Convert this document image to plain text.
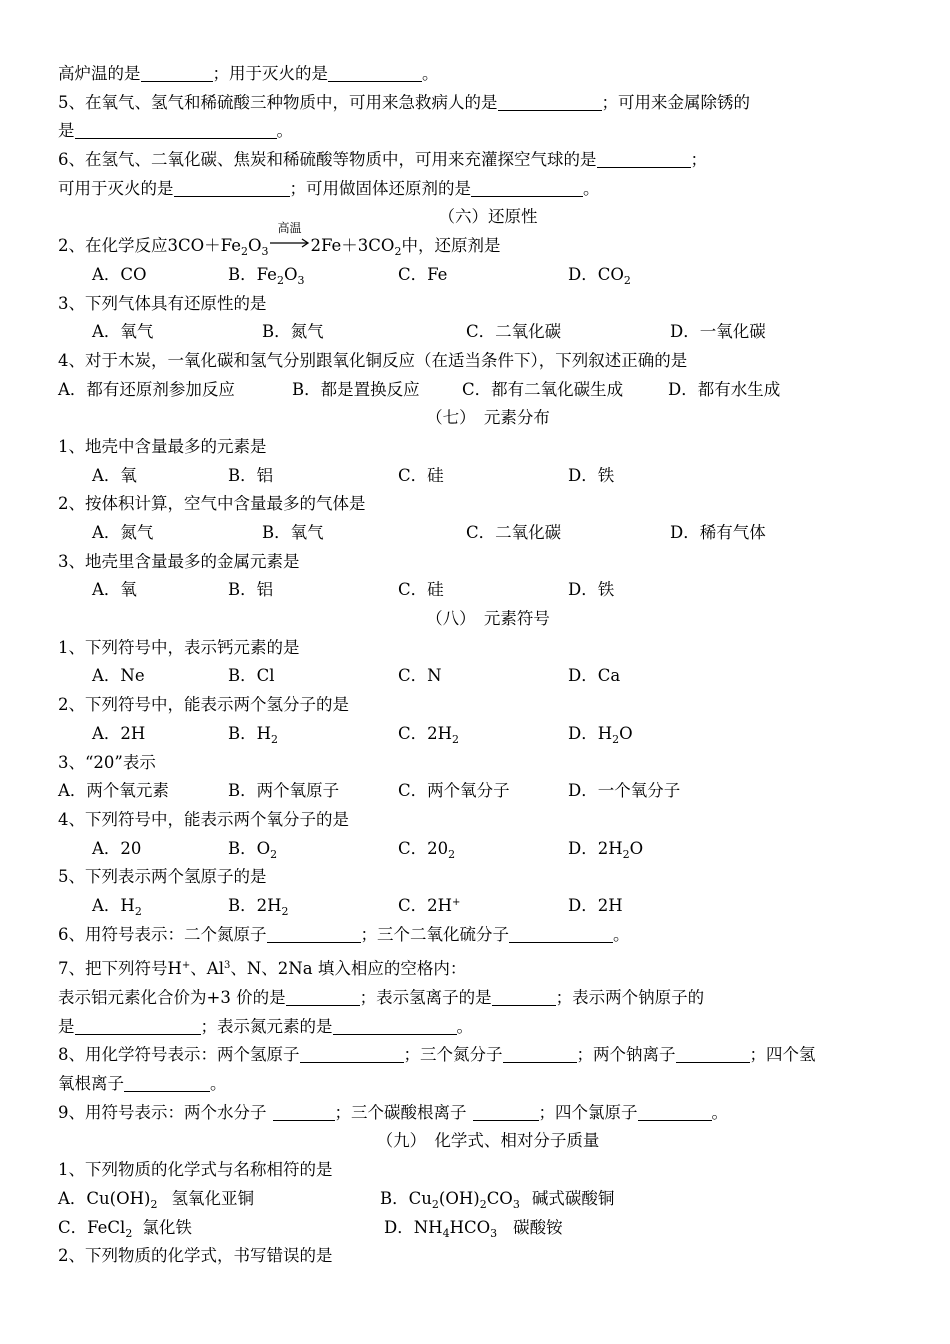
高炉温的是	；用于灭火的是	。
5、在氧气、氢气和稀硫酸三种物质中，可用来急救病人的是	；可用来金属除锈的
是	。
6、在氢气、二氧化碳、焦炭和稀硫酸等物质中，可用来充灌探空气球的是	；
可用于灭火的是	；可用做固体还原剂的是	。
（六）还原性
2、在化学反应$3CO+Fe_2O_3$
高温
$2Fe+3CO_2$中，还原剂是
A．CO	B．$Fe_2O_3$	C．Fe	D．$CO_2$
3、下列气体具有还原性的是
A．氧气	B．氮气	C．二氧化碳	D．一氧化碳
4、对于木炭，一氧化碳和氢气分别跟氧化铜反应（在适当条件下），下列叙述正确的是
A．都有还原剂参加反应	B．都是置换反应	C．都有二氧化碳生成	D．都有水生成
（七）　元素分布
1、地壳中含量最多的元素是
A．氧	B．铝	C．硅	D．铁
2、按体积计算，空气中含量最多的气体是
A．氮气	B．氧气	C．二氧化碳	D．稀有气体
3、地壳里含量最多的金属元素是
A．氧	B．铝	C．硅	D．铁
（八）　元素符号
1、下列符号中，表示钙元素的是
A．Ne	B．Cl	C．N	D．Ca
2、下列符号中，能表示两个氢分子的是
A．2H	B．$H_2$	C．$2H_2$	D．$H_2O$
3、“20”表示
A．两个氧元素	B．两个氧原子	C．两个氧分子	D．一个氧分子
4、下列符号中，能表示两个氧分子的是
A．20	B．$O_2$	C．$20_2$	D．$2H_2O$
5、下列表示两个氢原子的是
A．$H_2$	B．$2H_2$	C．2H+	D．2H
6、用符号表示：二个氮原子	；三个二氧化硫分子	。
7、把下列符号H+、Al$^3$、N、2Na 填入相应的空格内：
表示铝元素化合价为+3 价的是	；表示氢离子的是	；表示两个钠原子的
是	；表示氮元素的是	。
8、用化学符号表示：两个氢原子	；三个氮分子	；两个钠离子	；四个氢
氧根离子	。
9、用符号表示：两个水分子	；三个碳酸根离子	；四个氯原子	。
（九）　化学式、相对分子质量
1、下列物质的化学式与名称相符的是
A．$Cu(OH)_2$ 氢氧化亚铜	B．$Cu_2(OH)_2CO_3$ 碱式碳酸铜
C．FeCl$_2$ 氯化铁	D．$NH_4HCO_3$ 碳酸铵
2、下列物质的化学式，书写错误的是
